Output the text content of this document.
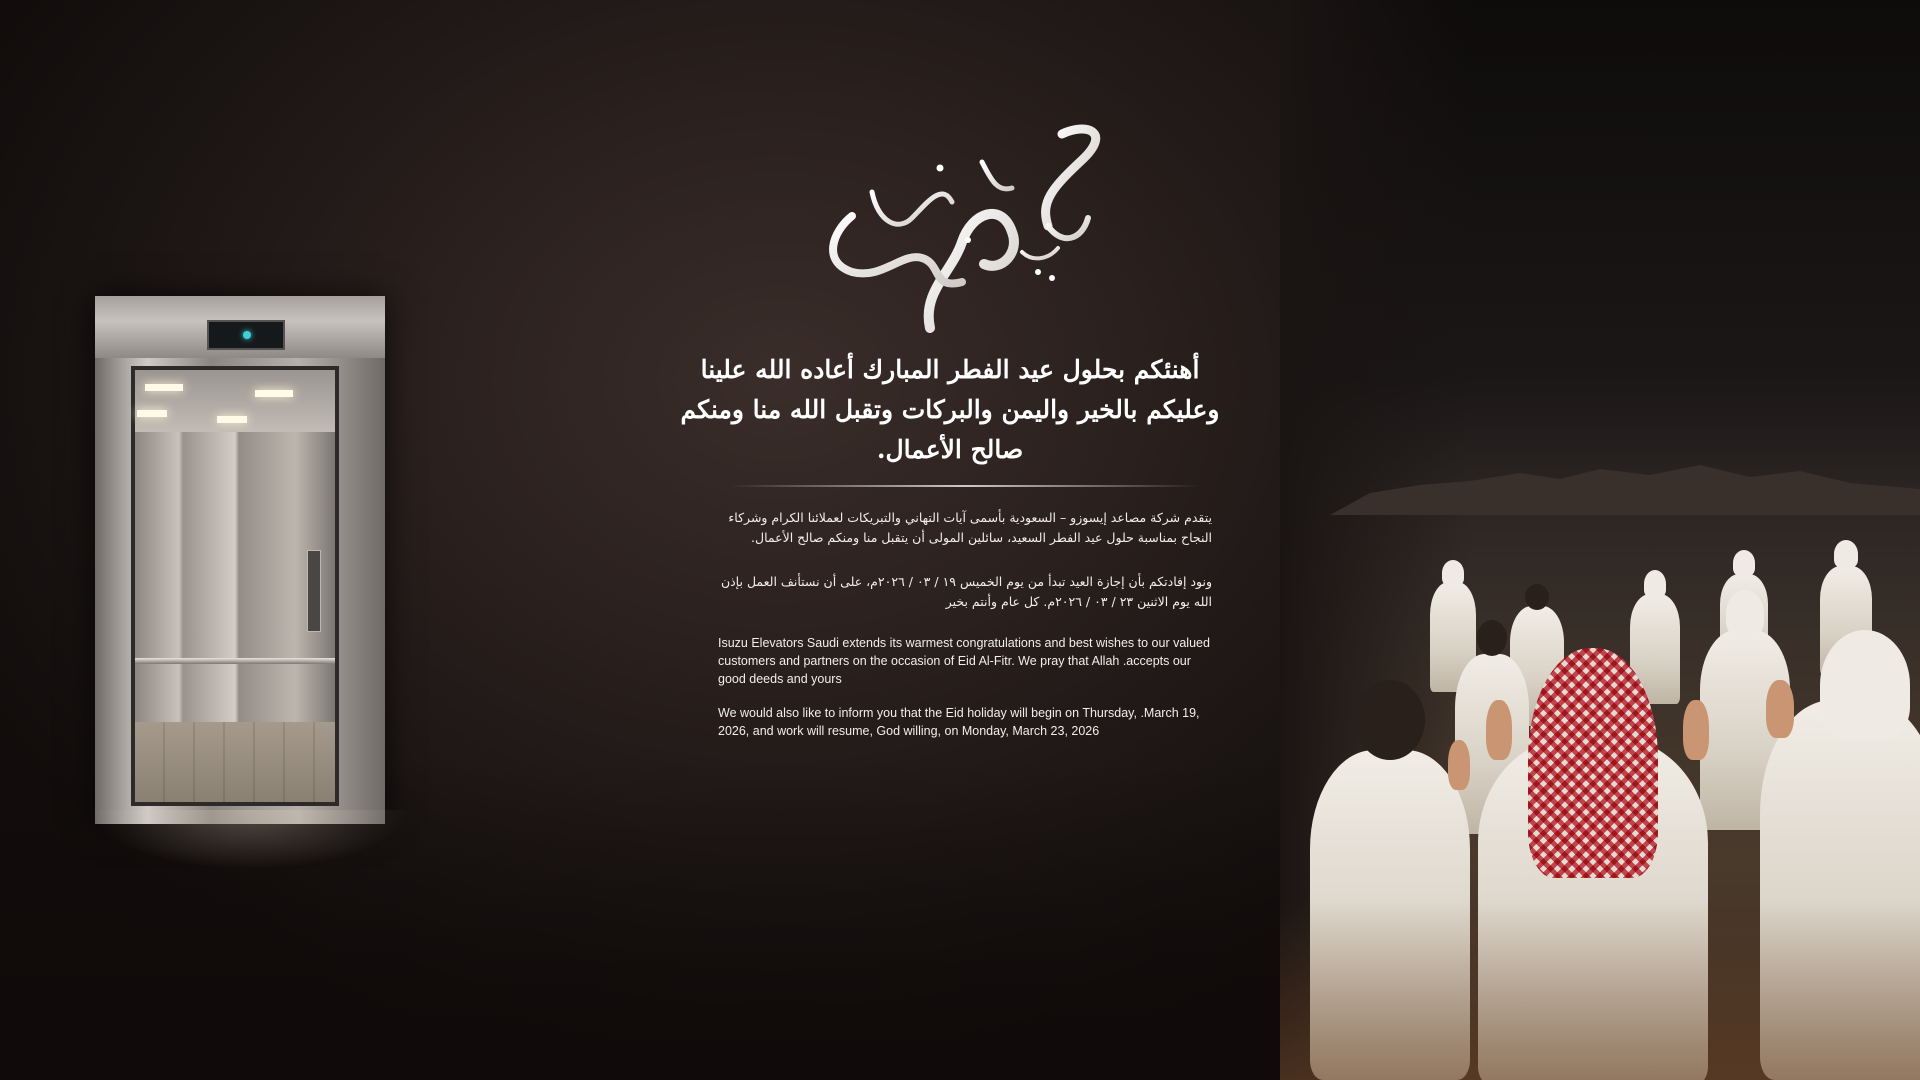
عيدكم مبارك
أهنئكم بحلول عيد الفطر المبارك أعاده الله علينا وعليكم بالخير واليمن والبركات وتقبل الله منا ومنكم صالح الأعمال.
يتقدم شركة مصاعد إيسوزو – السعودية بأسمى آيات التهاني والتبريكات لعملائنا الكرام وشركاء النجاح بمناسبة حلول عيد الفطر السعيد، سائلين المولى أن يتقبل منا ومنكم صالح الأعمال.
ونود إفادتكم بأن إجازة العيد تبدأ من يوم الخميس ١٩ / ٠٣ / ٢٠٢٦م، على أن نستأنف العمل بإذن الله يوم الاثنين ٢٣ / ٠٣ / ٢٠٢٦م. كل عام وأنتم بخير
Isuzu Elevators Saudi extends its warmest congratulations and best wishes to our valued customers and partners on the occasion of Eid Al-Fitr. We pray that Allah .accepts our good deeds and yours
We would also like to inform you that the Eid holiday will begin on Thursday, .March 19, 2026, and work will resume, God willing, on Monday, March 23, 2026
